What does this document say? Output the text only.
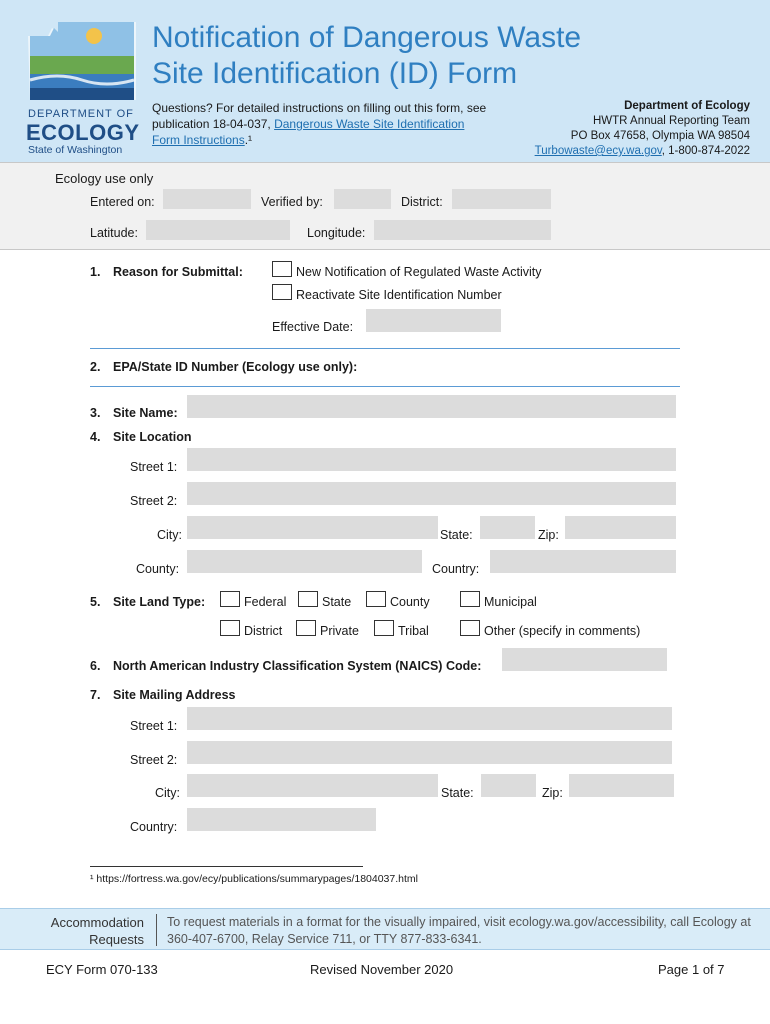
DEPARTMENT OF
ECOLOGY
State of Washington
Notification of Dangerous Waste
Site Identification (ID) Form
Questions? For detailed instructions on filling out this form, see publication 18-04-037, Dangerous Waste Site Identification Form Instructions.¹
Department of Ecology
HWTR Annual Reporting Team
PO Box 47658, Olympia WA 98504
Turbowaste@ecy.wa.gov, 1-800-874-2022
Ecology use only
Entered on:	Verified by:	District:
Latitude:	Longitude:
1. Reason for Submittal:	New Notification of Regulated Waste Activity
Reactivate Site Identification Number
Effective Date:
2. EPA/State ID Number (Ecology use only):
3. Site Name:
4. Site Location
Street 1:
Street 2:
City:	State:	Zip:
County:	Country:
5. Site Land Type:	Federal	State	County	Municipal
District	Private	Tribal	Other (specify in comments)
6. North American Industry Classification System (NAICS) Code:
7. Site Mailing Address
Street 1:
Street 2:
City:	State:	Zip:
Country:
¹ https://fortress.wa.gov/ecy/publications/summarypages/1804037.html
Accommodation
Requests
To request materials in a format for the visually impaired, visit ecology.wa.gov/accessibility, call Ecology at 360-407-6700, Relay Service 711, or TTY 877-833-6341.
ECY Form 070-133	Revised November 2020	Page 1 of 7
